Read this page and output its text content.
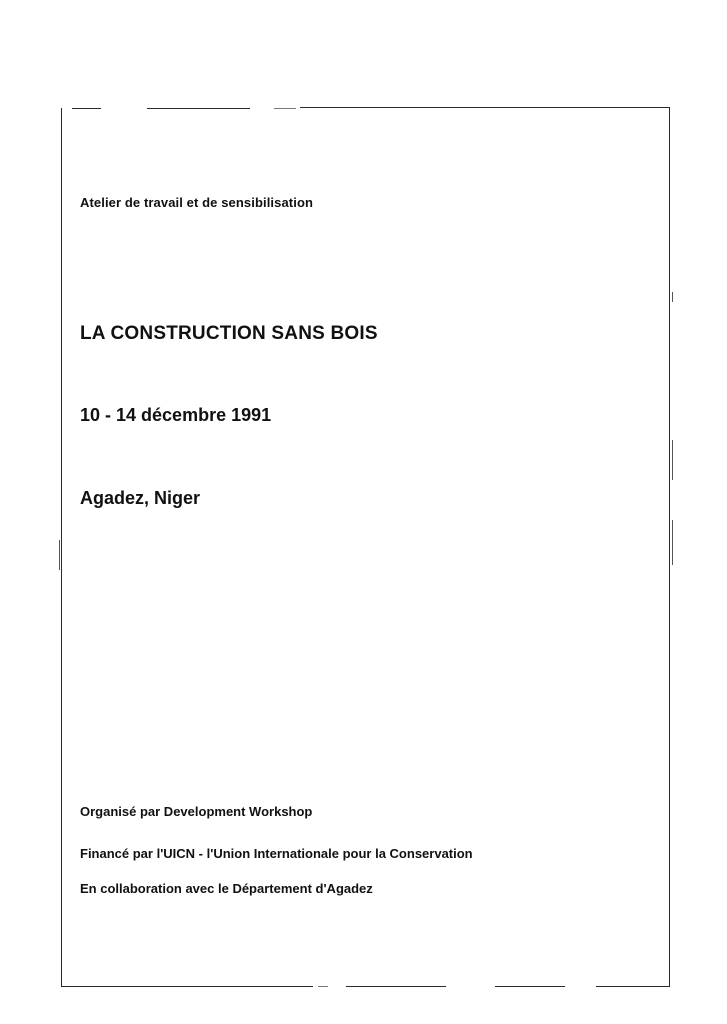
Atelier de travail et de sensibilisation
LA CONSTRUCTION SANS BOIS
10 - 14 décembre 1991
Agadez, Niger
Organisé par Development Workshop
Financé par l'UICN - l'Union Internationale pour la Conservation
En collaboration avec le Département d'Agadez
